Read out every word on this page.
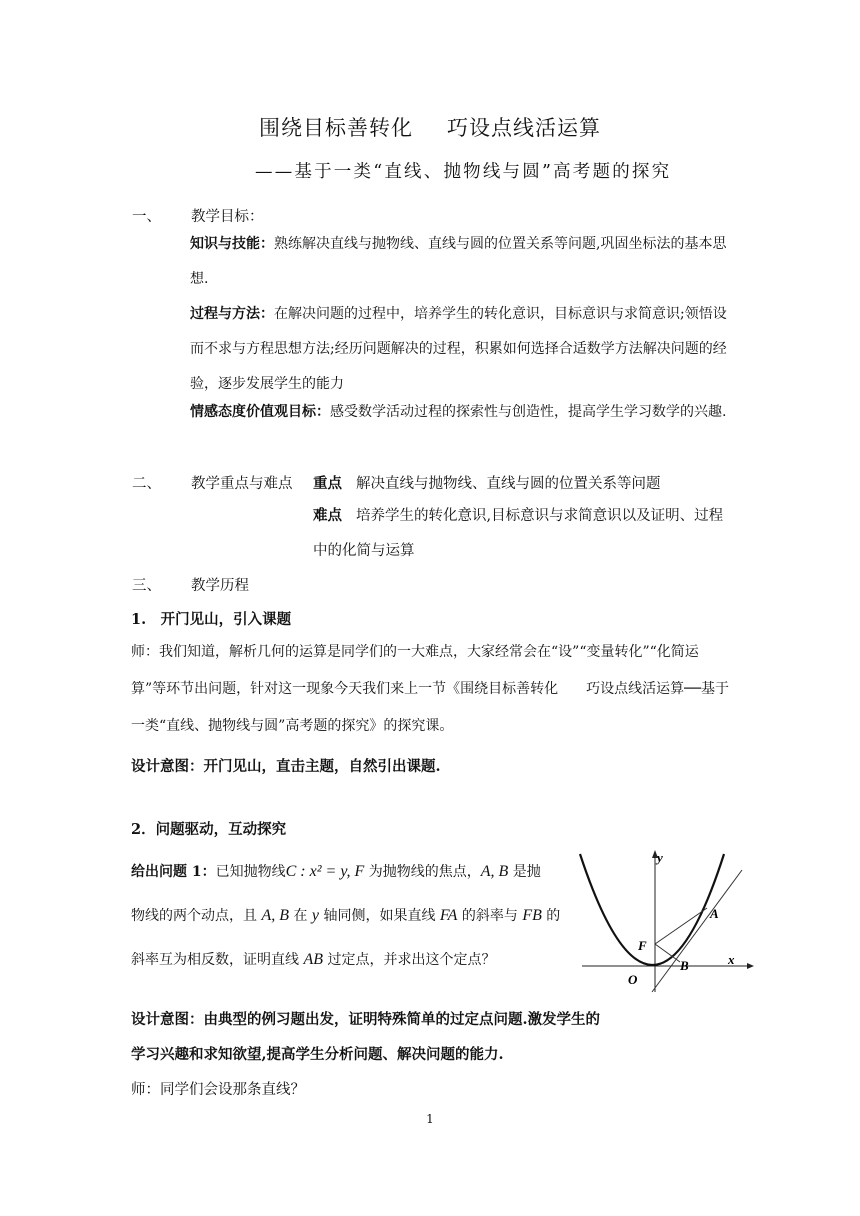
围绕目标善转化 巧设点线活运算
——基于一类“直线、抛物线与圆”高考题的探究
一、 教学目标：
知识与技能：熟练解决直线与抛物线、直线与圆的位置关系等问题,巩固坐标法的基本思想.
过程与方法：在解决问题的过程中，培养学生的转化意识，目标意识与求简意识;领悟设而不求与方程思想方法;经历问题解决的过程，积累如何选择合适数学方法解决问题的经验，逐步发展学生的能力
情感态度价值观目标：感受数学活动过程的探索性与创造性，提高学生学习数学的兴趣.
二、 教学重点与难点 重点 解决直线与抛物线、直线与圆的位置关系等问题
难点 培养学生的转化意识,目标意识与求简意识以及证明、过程中的化简与运算
三、 教学历程
1.　开门见山，引入课题
师：我们知道，解析几何的运算是同学们的一大难点，大家经常会在“设”“变量转化”“化简运算”等环节出问题，针对这一现象今天我们来上一节《围绕目标善转化　　巧设点线活运算──基于一类“直线、抛物线与圆”高考题的探究》的探究课。
设计意图：开门见山，直击主题，自然引出课题.
2．问题驱动，互动探究
给出问题 1：已知抛物线C : x² = y, F 为抛物线的焦点，A, B 是抛
物线的两个动点，且 A, B 在 y 轴同侧，如果直线 FA 的斜率与 FB 的
斜率互为相反数，证明直线 AB 过定点，并求出这个定点？
y
x
O
F
A
B
设计意图：由典型的例习题出发，证明特殊简单的过定点问题.激发学生的
学习兴趣和求知欲望,提高学生分析问题、解决问题的能力.
师：同学们会设那条直线？
1
